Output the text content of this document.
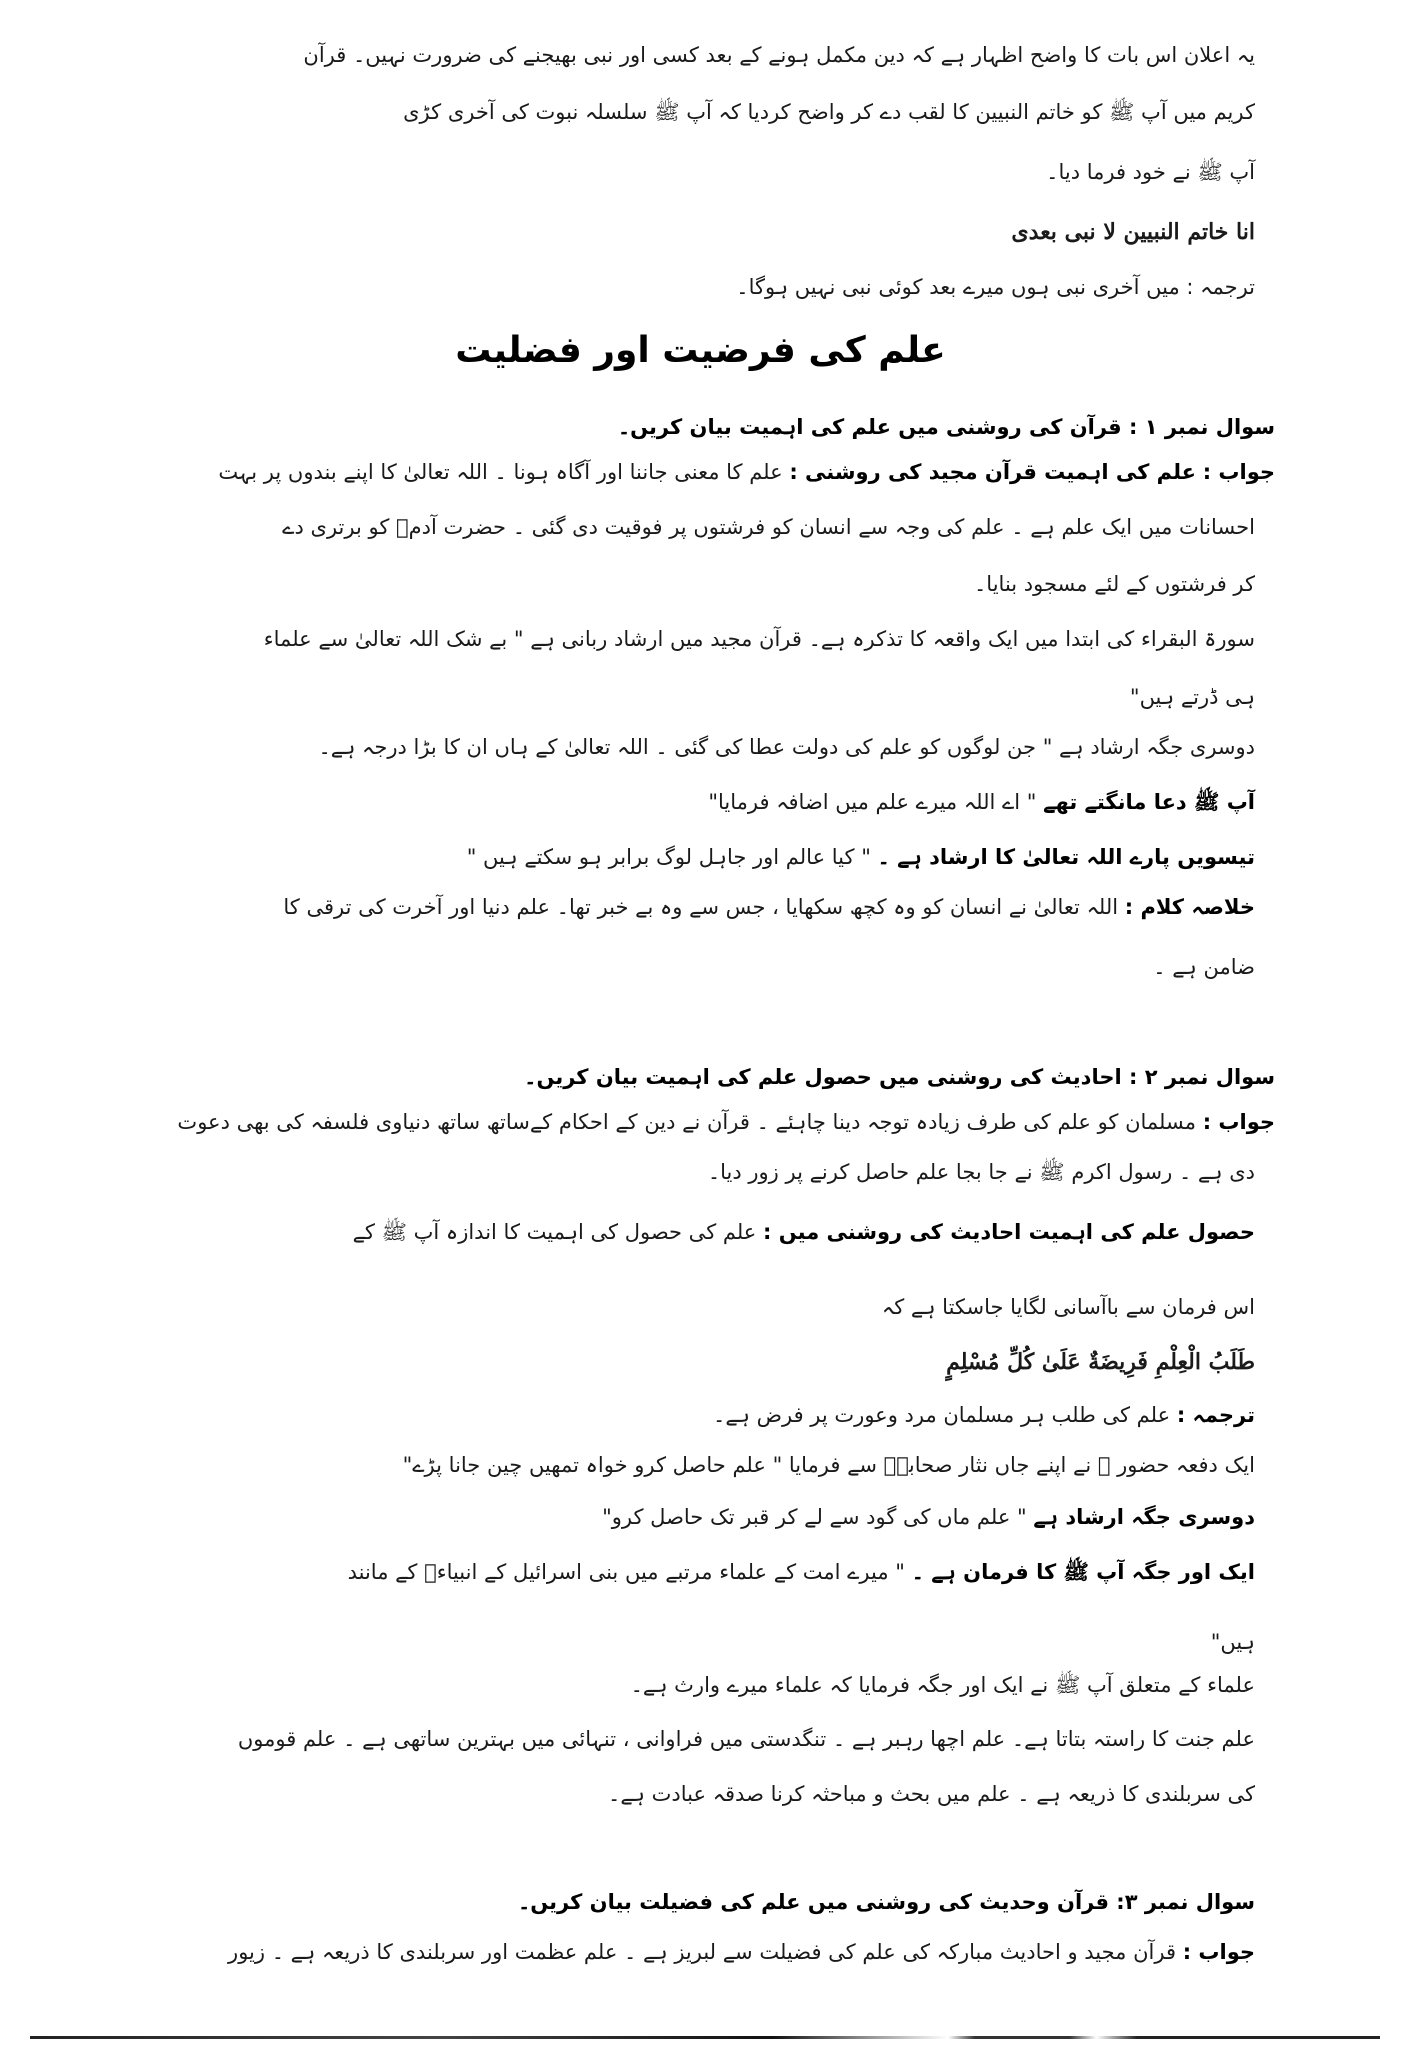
یہ اعلان اس بات کا واضح اظہار ہے کہ دین مکمل ہونے کے بعد کسی اور نبی بھیجنے کی ضرورت نہیں۔ قرآن
کریم میں آپ ﷺ کو خاتم النبیین کا لقب دے کر واضح کردیا کہ آپ ﷺ سلسلہ نبوت کی آخری کڑی
آپ ﷺ نے خود فرما دیا۔
انا خاتم النبیین لا نبی بعدی
ترجمہ : میں آخری نبی ہوں میرے بعد کوئی نبی نہیں ہوگا۔
علم کی فرضیت اور فضلیت
سوال نمبر ۱ : قرآن کی روشنی میں علم کی اہمیت بیان کریں۔
جواب : علم کی اہمیت قرآن مجید کی روشنی : علم کا معنی جاننا اور آگاہ ہونا ۔ اللہ تعالیٰ کا اپنے بندوں پر بہت
احسانات میں ایک علم ہے ۔ علم کی وجہ سے انسان کو فرشتوں پر فوقیت دی گئی ۔ حضرت آدمؑ کو برتری دے
کر فرشتوں کے لئے مسجود بنایا۔
سورۃ البقراء کی ابتدا میں ایک واقعہ کا تذکرہ ہے۔ قرآن مجید میں ارشاد ربانی ہے " بے شک اللہ تعالیٰ سے علماء
ہی ڈرتے ہیں"
دوسری جگہ ارشاد ہے " جن لوگوں کو علم کی دولت عطا کی گئی ۔ اللہ تعالیٰ کے ہاں ان کا بڑا درجہ ہے۔
آپ ﷺ دعا مانگتے تھے " اے اللہ میرے علم میں اضافہ فرمایا"
تیسویں پارے اللہ تعالیٰ کا ارشاد ہے ۔ " کیا عالم اور جاہل لوگ برابر ہو سکتے ہیں "
خلاصہ کلام : اللہ تعالیٰ نے انسان کو وہ کچھ سکھایا ، جس سے وہ بے خبر تھا۔ علم دنیا اور آخرت کی ترقی کا
ضامن ہے ۔
سوال نمبر ۲ : احادیث کی روشنی میں حصول علم کی اہمیت بیان کریں۔
جواب : مسلمان کو علم کی طرف زیادہ توجہ دینا چاہئے ۔ قرآن نے دین کے احکام کےساتھ ساتھ دنیاوی فلسفہ کی بھی دعوت
دی ہے ۔ رسول اکرم ﷺ نے جا بجا علم حاصل کرنے پر زور دیا۔
حصول علم کی اہمیت احادیث کی روشنی میں : علم کی حصول کی اہمیت کا اندازہ آپ ﷺ کے
اس فرمان سے باآسانی لگایا جاسکتا ہے کہ
طَلَبُ الْعِلْمِ فَرِيضَةٌ عَلَىٰ كُلِّ مُسْلِمٍ
ترجمہ : علم کی طلب ہر مسلمان مرد وعورت پر فرض ہے۔
ایک دفعہ حضور ﷺ نے اپنے جاں نثار صحابہؓ سے فرمایا " علم حاصل کرو خواہ تمھیں چین جانا پڑے"
دوسری جگہ ارشاد ہے " علم ماں کی گود سے لے کر قبر تک حاصل کرو"
ایک اور جگہ آپ ﷺ کا فرمان ہے ۔ " میرے امت کے علماء مرتبے میں بنی اسرائیل کے انبیاءؑ کے مانند
ہیں"
علماء کے متعلق آپ ﷺ نے ایک اور جگہ فرمایا کہ علماء میرے وارث ہے۔
علم جنت کا راستہ بتاتا ہے۔ علم اچھا رہبر ہے ۔ تنگدستی میں فراوانی ، تنہائی میں بہترین ساتھی ہے ۔ علم قوموں
کی سربلندی کا ذریعہ ہے ۔ علم میں بحث و مباحثہ کرنا صدقہ عبادت ہے۔
سوال نمبر ۳: قرآن وحدیث کی روشنی میں علم کی فضیلت بیان کریں۔
جواب : قرآن مجید و احادیث مبارکہ کی علم کی فضیلت سے لبریز ہے ۔ علم عظمت اور سربلندی کا ذریعہ ہے ۔ زیور
